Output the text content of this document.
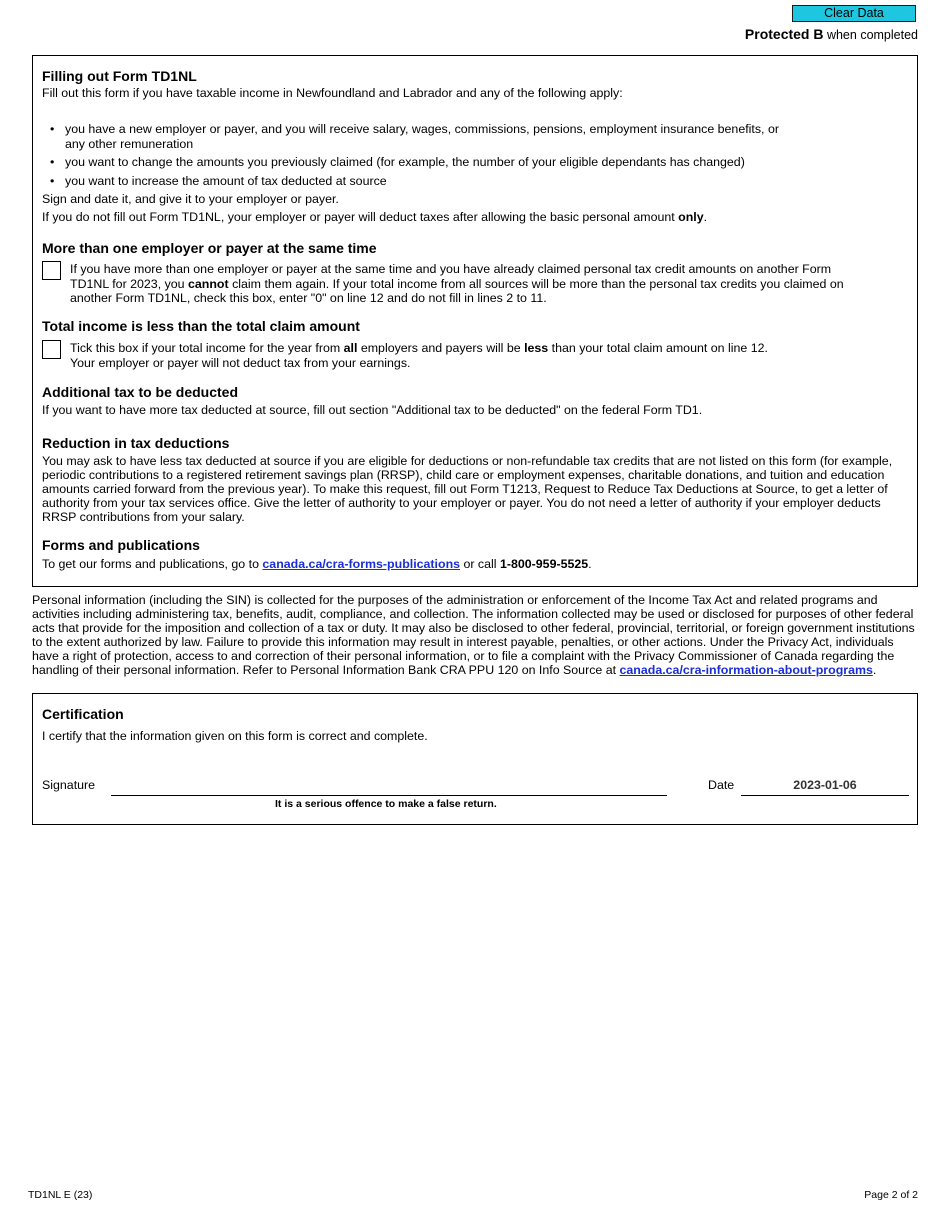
Clear Data
Protected B when completed
Filling out Form TD1NL

Fill out this form if you have taxable income in Newfoundland and Labrador and any of the following apply:

• you have a new employer or payer, and you will receive salary, wages, commissions, pensions, employment insurance benefits, or any other remuneration
• you want to change the amounts you previously claimed (for example, the number of your eligible dependants has changed)
• you want to increase the amount of tax deducted at source

Sign and date it, and give it to your employer or payer.

If you do not fill out Form TD1NL, your employer or payer will deduct taxes after allowing the basic personal amount only.

More than one employer or payer at the same time

If you have more than one employer or payer at the same time and you have already claimed personal tax credit amounts on another Form TD1NL for 2023, you cannot claim them again. If your total income from all sources will be more than the personal tax credits you claimed on another Form TD1NL, check this box, enter "0" on line 12 and do not fill in lines 2 to 11.

Total income is less than the total claim amount

Tick this box if your total income for the year from all employers and payers will be less than your total claim amount on line 12.
Your employer or payer will not deduct tax from your earnings.

Additional tax to be deducted

If you want to have more tax deducted at source, fill out section "Additional tax to be deducted" on the federal Form TD1.

Reduction in tax deductions

You may ask to have less tax deducted at source if you are eligible for deductions or non-refundable tax credits that are not listed on this form (for example, periodic contributions to a registered retirement savings plan (RRSP), child care or employment expenses, charitable donations, and tuition and education amounts carried forward from the previous year). To make this request, fill out Form T1213, Request to Reduce Tax Deductions at Source, to get a letter of authority from your tax services office. Give the letter of authority to your employer or payer. You do not need a letter of authority if your employer deducts RRSP contributions from your salary.

Forms and publications

To get our forms and publications, go to canada.ca/cra-forms-publications or call 1-800-959-5525.

Personal information (including the SIN) is collected for the purposes of the administration or enforcement of the Income Tax Act and related programs and activities including administering tax, benefits, audit, compliance, and collection. The information collected may be used or disclosed for purposes of other federal acts that provide for the imposition and collection of a tax or duty. It may also be disclosed to other federal, provincial, territorial, or foreign government institutions to the extent authorized by law. Failure to provide this information may result in interest payable, penalties, or other actions. Under the Privacy Act, individuals have a right of protection, access to and correction of their personal information, or to file a complaint with the Privacy Commissioner of Canada regarding the handling of their personal information. Refer to Personal Information Bank CRA PPU 120 on Info Source at canada.ca/cra-information-about-programs.

Certification

I certify that the information given on this form is correct and complete.

Signature
It is a serious offence to make a false return.
Date	2023-01-06
TD1NL E (23)	Page 2 of 2
